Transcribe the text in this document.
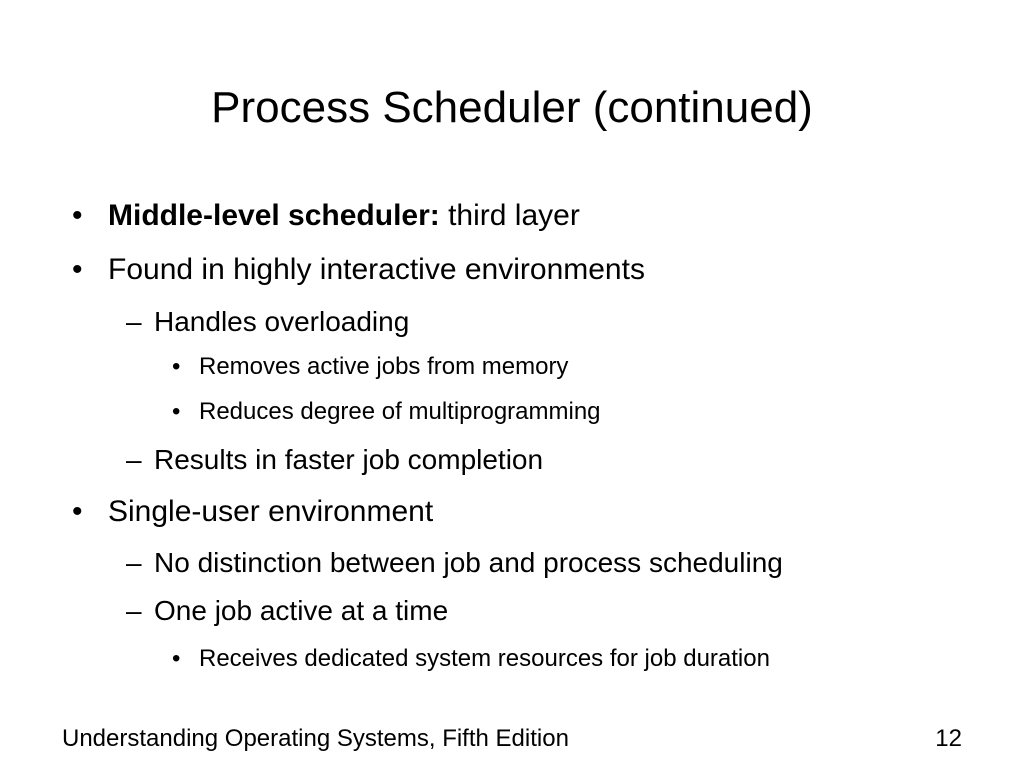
Process Scheduler (continued)
• Middle-level scheduler: third layer
• Found in highly interactive environments
– Handles overloading
• Removes active jobs from memory
• Reduces degree of multiprogramming
– Results in faster job completion
• Single-user environment
– No distinction between job and process scheduling
– One job active at a time
• Receives dedicated system resources for job duration
Understanding Operating Systems, Fifth Edition	12
